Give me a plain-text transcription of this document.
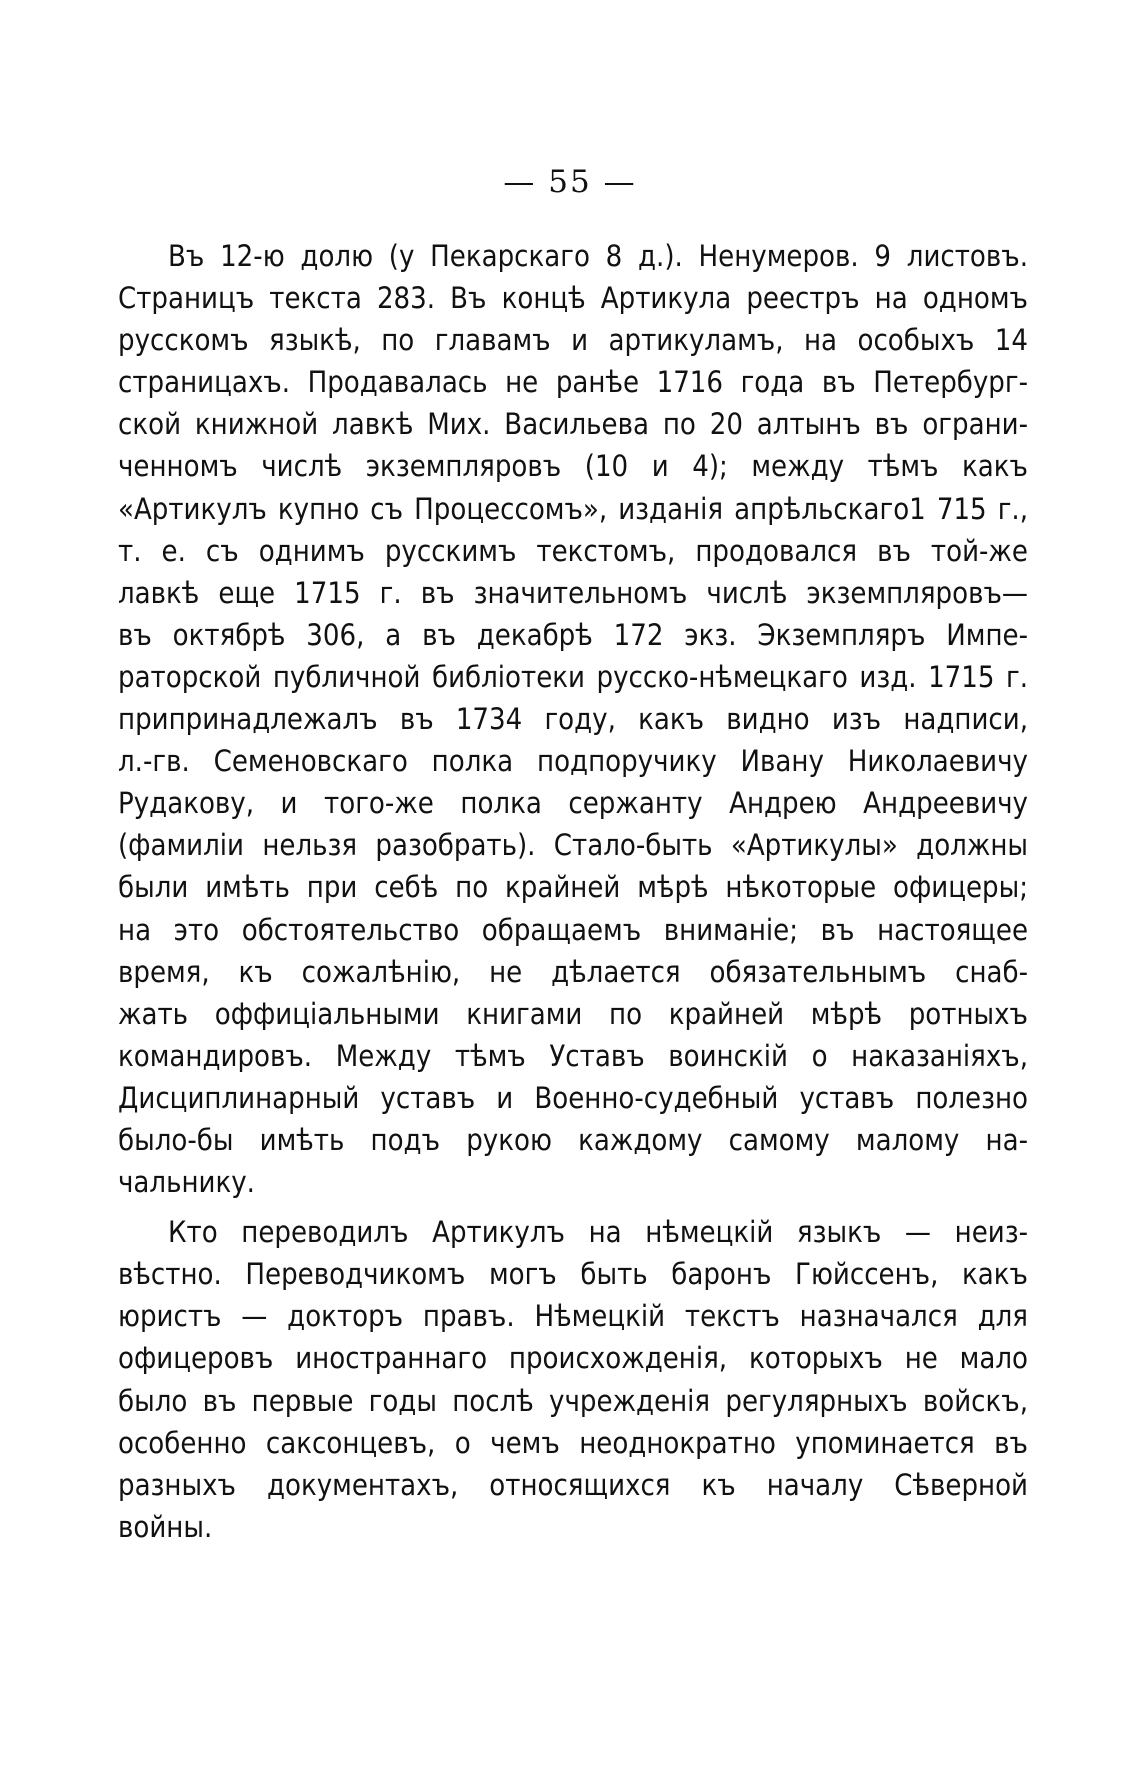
— 55 —
Въ 12-ю долю (у Пекарскаго 8 д.). Ненумеров. 9 листовъ.
Страницъ текста 283. Въ концѣ Артикула реестръ на одномъ
русскомъ языкѣ, по главамъ и артикуламъ, на особыхъ 14
страницахъ. Продавалась не ранѣе 1716 года въ Петербург-
ской книжной лавкѣ Мих. Васильева по 20 алтынъ въ ограни-
ченномъ числѣ экземпляровъ (10 и 4); между тѣмъ какъ
«Артикулъ купно съ Процессомъ», изданія апрѣльскаго1 715 г.,
т. е. съ однимъ русскимъ текстомъ, продовался въ той-же
лавкѣ еще 1715 г. въ значительномъ числѣ экземпляровъ—
въ октябрѣ 306, а въ декабрѣ 172 экз. Экземпляръ Импе-
раторской публичной библіотеки русско-нѣмецкаго изд. 1715 г.
припринадлежалъ въ 1734 году, какъ видно изъ надписи,
л.-гв. Семеновскаго полка подпоручику Ивану Николаевичу
Рудакову, и того-же полка сержанту Андрею Андреевичу
(фамиліи нельзя разобрать). Стало-быть «Артикулы» должны
были имѣть при себѣ по крайней мѣрѣ нѣкоторые офицеры;
на это обстоятельство обращаемъ вниманіе; въ настоящее
время, къ сожалѣнію, не дѣлается обязательнымъ снаб-
жать оффиціальными книгами по крайней мѣрѣ ротныхъ
командировъ. Между тѣмъ Уставъ воинскій о наказаніяхъ,
Дисциплинарный уставъ и Военно-судебный уставъ полезно
было-бы имѣть подъ рукою каждому самому малому на-
чальнику.
Кто переводилъ Артикулъ на нѣмецкій языкъ — неиз-
вѣстно. Переводчикомъ могъ быть баронъ Гюйссенъ, какъ
юристъ — докторъ правъ. Нѣмецкій текстъ назначался для
офицеровъ иностраннаго происхожденія, которыхъ не мало
было въ первые годы послѣ учрежденія регулярныхъ войскъ,
особенно саксонцевъ, о чемъ неоднократно упоминается въ
разныхъ документахъ, относящихся къ началу Сѣверной
войны.
